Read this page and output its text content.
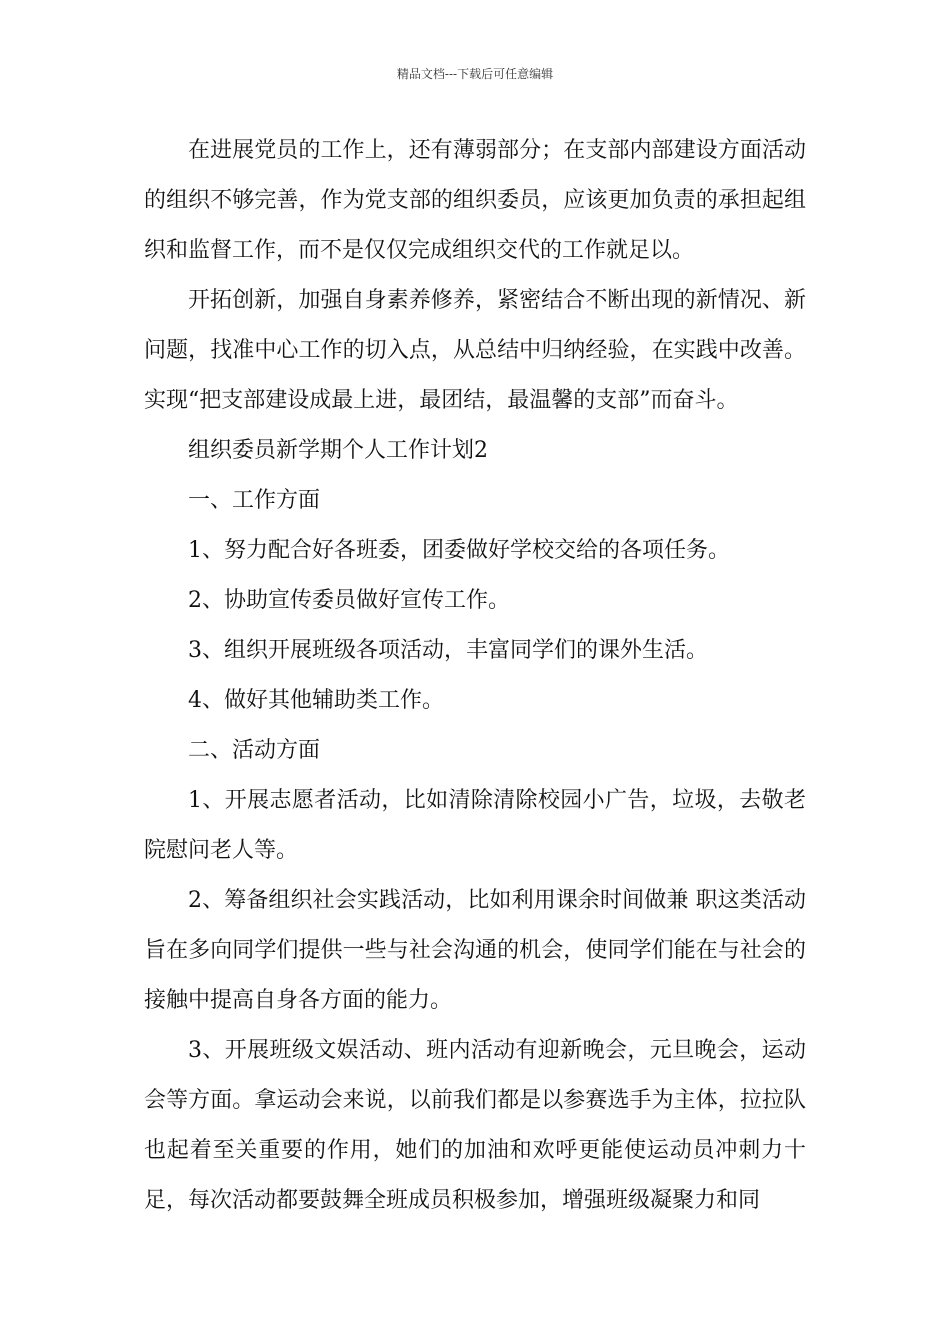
精品文档---下载后可任意编辑

在进展党员的工作上，还有薄弱部分；在支部内部建设方面活动的组织不够完善，作为党支部的组织委员，应该更加负责的承担起组织和监督工作，而不是仅仅完成组织交代的工作就足以。

开拓创新，加强自身素养修养，紧密结合不断出现的新情况、新问题，找准中心工作的切入点，从总结中归纳经验，在实践中改善。实现“把支部建设成最上进，最团结，最温馨的支部”而奋斗。

组织委员新学期个人工作计划2

一、工作方面

1、努力配合好各班委，团委做好学校交给的各项任务。

2、协助宣传委员做好宣传工作。

3、组织开展班级各项活动，丰富同学们的课外生活。

4、做好其他辅助类工作。

二、活动方面

1、开展志愿者活动，比如清除清除校园小广告，垃圾，去敬老院慰问老人等。

2、筹备组织社会实践活动，比如利用课余时间做兼 职这类活动旨在多向同学们提供一些与社会沟通的机会，使同学们能在与社会的接触中提高自身各方面的能力。

3、开展班级文娱活动、班内活动有迎新晚会，元旦晚会，运动会等方面。拿运动会来说，以前我们都是以参赛选手为主体，拉拉队也起着至关重要的作用，她们的加油和欢呼更能使运动员冲刺力十足，每次活动都要鼓舞全班成员积极参加，增强班级凝聚力和同
